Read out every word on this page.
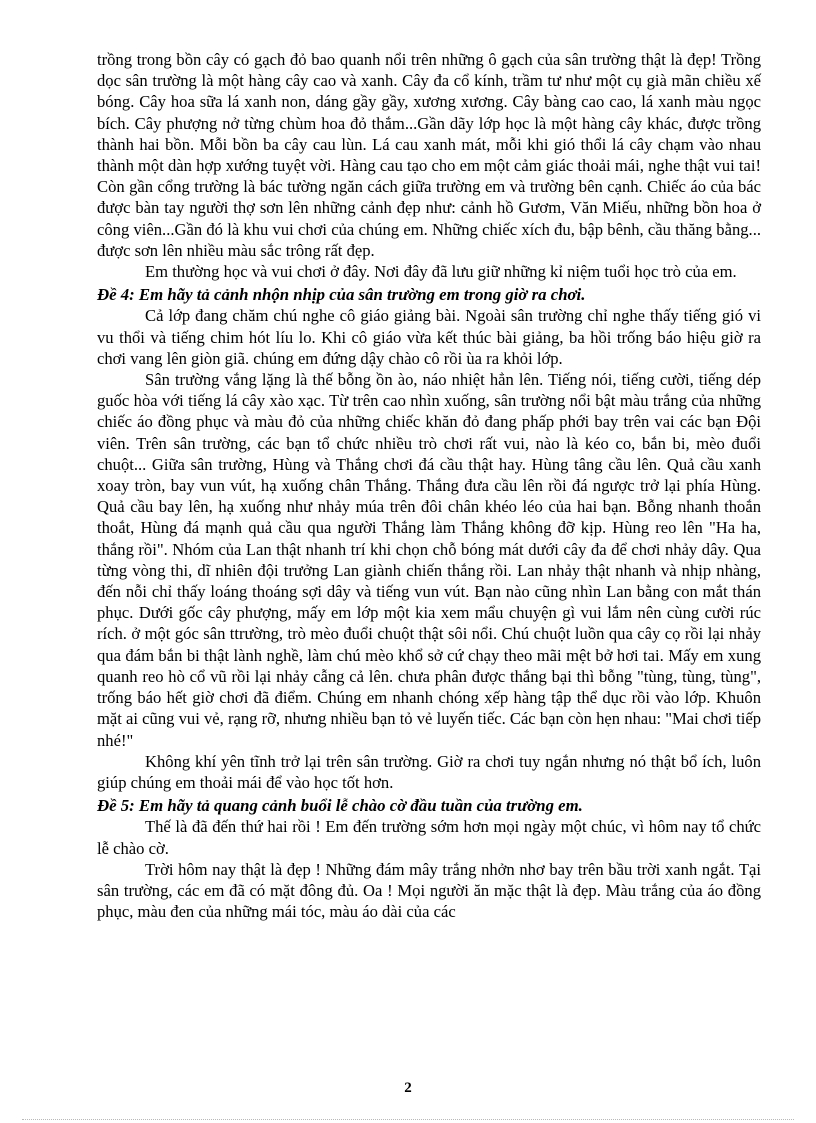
trồng trong bồn cây có gạch đỏ bao quanh nổi trên những ô gạch của sân trường thật là đẹp! Trồng dọc sân trường là một hàng cây cao và xanh. Cây đa cổ kính, trầm tư như một cụ già mãn chiều xế bóng. Cây hoa sữa lá xanh non, dáng gầy gầy, xương xương. Cây bàng cao cao, lá xanh màu ngọc bích. Cây phượng nở từng chùm hoa đỏ thắm...Gần dãy lớp học là một hàng cây khác, được trồng thành hai bồn. Mỗi bồn ba cây cau lùn. Lá cau xanh mát, mỗi khi gió thổi lá cây chạm vào nhau thành một dàn hợp xướng tuyệt vời. Hàng cau tạo cho em một cảm giác thoải mái, nghe thật vui tai! Còn gần cổng trường là bác tường ngăn cách giữa trường em và trường bên cạnh. Chiếc áo của bác được bàn tay người thợ sơn lên những cảnh đẹp như: cảnh hồ Gươm, Văn Miếu, những bồn hoa ở công viên...Gần đó là khu vui chơi của chúng em. Những chiếc xích đu, bập bênh, cầu thăng bằng... được sơn lên nhiều màu sắc trông rất đẹp.

Em thường học và vui chơi ở đây. Nơi đây đã lưu giữ những kỉ niệm tuổi học trò của em.

Đề 4: Em hãy tả cảnh nhộn nhịp của sân trường em trong giờ ra chơi.

Cả lớp đang chăm chú nghe cô giáo giảng bài. Ngoài sân trường chỉ nghe thấy tiếng gió vi vu thổi và tiếng chim hót líu lo. Khi cô giáo vừa kết thúc bài giảng, ba hồi trống báo hiệu giờ ra chơi vang lên giòn giã. chúng em đứng dậy chào cô rồi ùa ra khỏi lớp.

Sân trường vắng lặng là thế bỗng ồn ào, náo nhiệt hẳn lên. Tiếng nói, tiếng cười, tiếng dép guốc hòa với tiếng lá cây xào xạc. Từ trên cao nhìn xuống, sân trường nổi bật màu trắng của những chiếc áo đồng phục và màu đỏ của những chiếc khăn đỏ đang phấp phới bay trên vai các bạn Đội viên. Trên sân trường, các bạn tổ chức nhiều trò chơi rất vui, nào là kéo co, bắn bi, mèo đuổi chuột... Giữa sân trường, Hùng và Thắng chơi đá cầu thật hay. Hùng tâng cầu lên. Quả cầu xanh xoay tròn, bay vun vút, hạ xuống chân Thắng. Thắng đưa cầu lên rồi đá ngược trở lại phía Hùng. Quả cầu bay lên, hạ xuống như nhảy múa trên đôi chân khéo léo của hai bạn. Bỗng nhanh thoắn thoắt, Hùng đá mạnh quả cầu qua người Thắng làm Thắng không đỡ kịp. Hùng reo lên "Ha ha, thắng rồi". Nhóm của Lan thật nhanh trí khi chọn chỗ bóng mát dưới cây đa để chơi nhảy dây. Qua từng vòng thi, dĩ nhiên đội trưởng Lan giành chiến thắng rồi. Lan nhảy thật nhanh và nhịp nhàng, đến nỗi chỉ thấy loáng thoáng sợi dây và tiếng vun vút. Bạn nào cũng nhìn Lan bằng con mắt thán phục. Dưới gốc cây phượng, mấy em lớp một kia xem mẩu chuyện gì vui lắm nên cùng cười rúc rích. ở một góc sân ttrường, trò mèo đuổi chuột thật sôi nổi. Chú chuột luồn qua cây cọ rồi lại nhảy qua đám bắn bi thật lành nghề, làm chú mèo khổ sở cứ chạy theo mãi mệt bở hơi tai. Mấy em xung quanh reo hò cổ vũ rồi lại nhảy cẫng cả lên. chưa phân được thắng bại thì bỗng "tùng, tùng, tùng", trống báo hết giờ chơi đã điểm. Chúng em nhanh chóng xếp hàng tập thể dục rồi vào lớp. Khuôn mặt ai cũng vui vẻ, rạng rỡ, nhưng nhiều bạn tỏ vẻ luyến tiếc. Các bạn còn hẹn nhau: "Mai chơi tiếp nhé!"

Không khí yên tĩnh trở lại trên sân trường. Giờ ra chơi tuy ngắn nhưng nó thật bổ ích, luôn giúp chúng em thoải mái để vào học tốt hơn.

Đề 5: Em hãy tả quang cảnh buổi lễ chào cờ đầu tuần của trường em.

Thế là đã đến thứ hai rồi ! Em đến trường sớm hơn mọi ngày một chúc, vì hôm nay tổ chức lễ chào cờ.

Trời hôm nay thật là đẹp ! Những đám mây trắng nhởn nhơ bay trên bầu trời xanh ngắt. Tại sân trường, các em đã có mặt đông đủ. Oa ! Mọi người ăn mặc thật là đẹp. Màu trắng của áo đồng phục, màu đen của những mái tóc, màu áo dài của các

2
